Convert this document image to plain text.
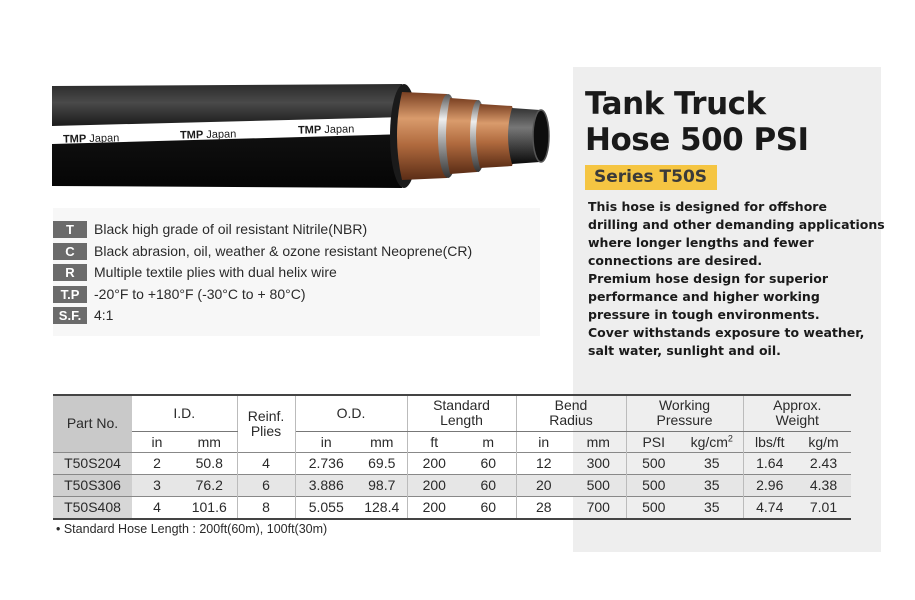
TMP Japan	TMP Japan	TMP Japan
Tank Truck
Hose 500 PSI
Series T50S

This hose is designed for offshore

drilling and other demanding applications

where longer lengths and fewer

connections are desired.

Premium hose design for superior

performance and higher working

pressure in tough environments.

Cover withstands exposure to weather,

salt water, sunlight and oil.

T	Black high grade of oil resistant Nitrile(NBR)
C	Black abrasion, oil, weather & ozone resistant Neoprene(CR)
R	Multiple textile plies with dual helix wire
T.P	-20°F to +180°F (-30°C to + 80°C)
S.F. 4:1
Part No.	I.D.		Reinf. Plies	O.D.		Standard Length		Bend Radius		Working Pressure		Approx. Weight	
	in	mm		in	mm	ft	m	in	mm	PSI	$kg/cm^2$	lbs/ft	kg/m
T50S204	2	50.8	4	2.736	69.5	200	60	12	300	500	35	1.64	2.43
T50S306	3	76.2	6	3.886	98.7	200	60	20	500	500	35	2.96	4.38
T50S408	4	101.6	8	5.055	128.4	200	60	28	700	500	35	4.74	7.01
• Standard Hose Length : 200ft(60m), 100ft(30m)
